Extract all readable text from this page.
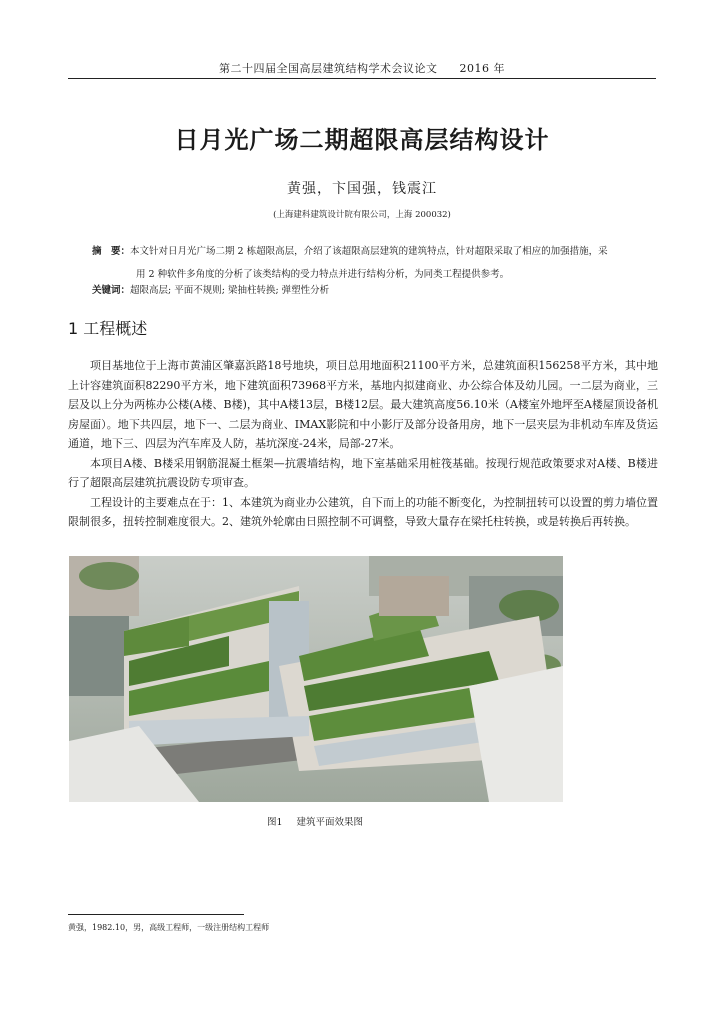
第二十四届全国高层建筑结构学术会议论文 2016 年
日月光广场二期超限高层结构设计
黄强，卞国强，钱震江
(上海建科建筑设计院有限公司，上海 200032)
摘　要：本文针对日月光广场二期 2 栋超限高层，介绍了该超限高层建筑的建筑特点，针对超限采取了相应的加强措施，采
用 2 种软件多角度的分析了该类结构的受力特点并进行结构分析，为同类工程提供参考。
关键词：超限高层; 平面不规则; 梁抽柱转换; 弹塑性分析
1 工程概述

项目基地位于上海市黄浦区肇嘉浜路18号地块，项目总用地面积21100平方米，总建筑面积156258平方米，其中地上计容建筑面积82290平方米，地下建筑面积73968平方米，基地内拟建商业、办公综合体及幼儿园。一二层为商业，三层及以上分为两栋办公楼(A楼、B楼)，其中A楼13层，B楼12层。最大建筑高度56.10米（A楼室外地坪至A楼屋顶设备机房屋面）。地下共四层，地下一、二层为商业、IMAX影院和中小影厅及部分设备用房，地下一层夹层为非机动车库及货运通道，地下三、四层为汽车库及人防，基坑深度-24米，局部-27米。

本项目A楼、B楼采用钢筋混凝土框架—抗震墙结构，地下室基础采用桩筏基础。按现行规范政策要求对A楼、B楼进行了超限高层建筑抗震设防专项审查。

工程设计的主要难点在于：1、本建筑为商业办公建筑，自下而上的功能不断变化，为控制扭转可以设置的剪力墙位置限制很多，扭转控制难度很大。2、建筑外轮廓由日照控制不可调整，导致大量存在梁托柱转换，或是转换后再转换。

图1 建筑平面效果图
黄强，1982.10，男，高级工程师，一级注册结构工程师
